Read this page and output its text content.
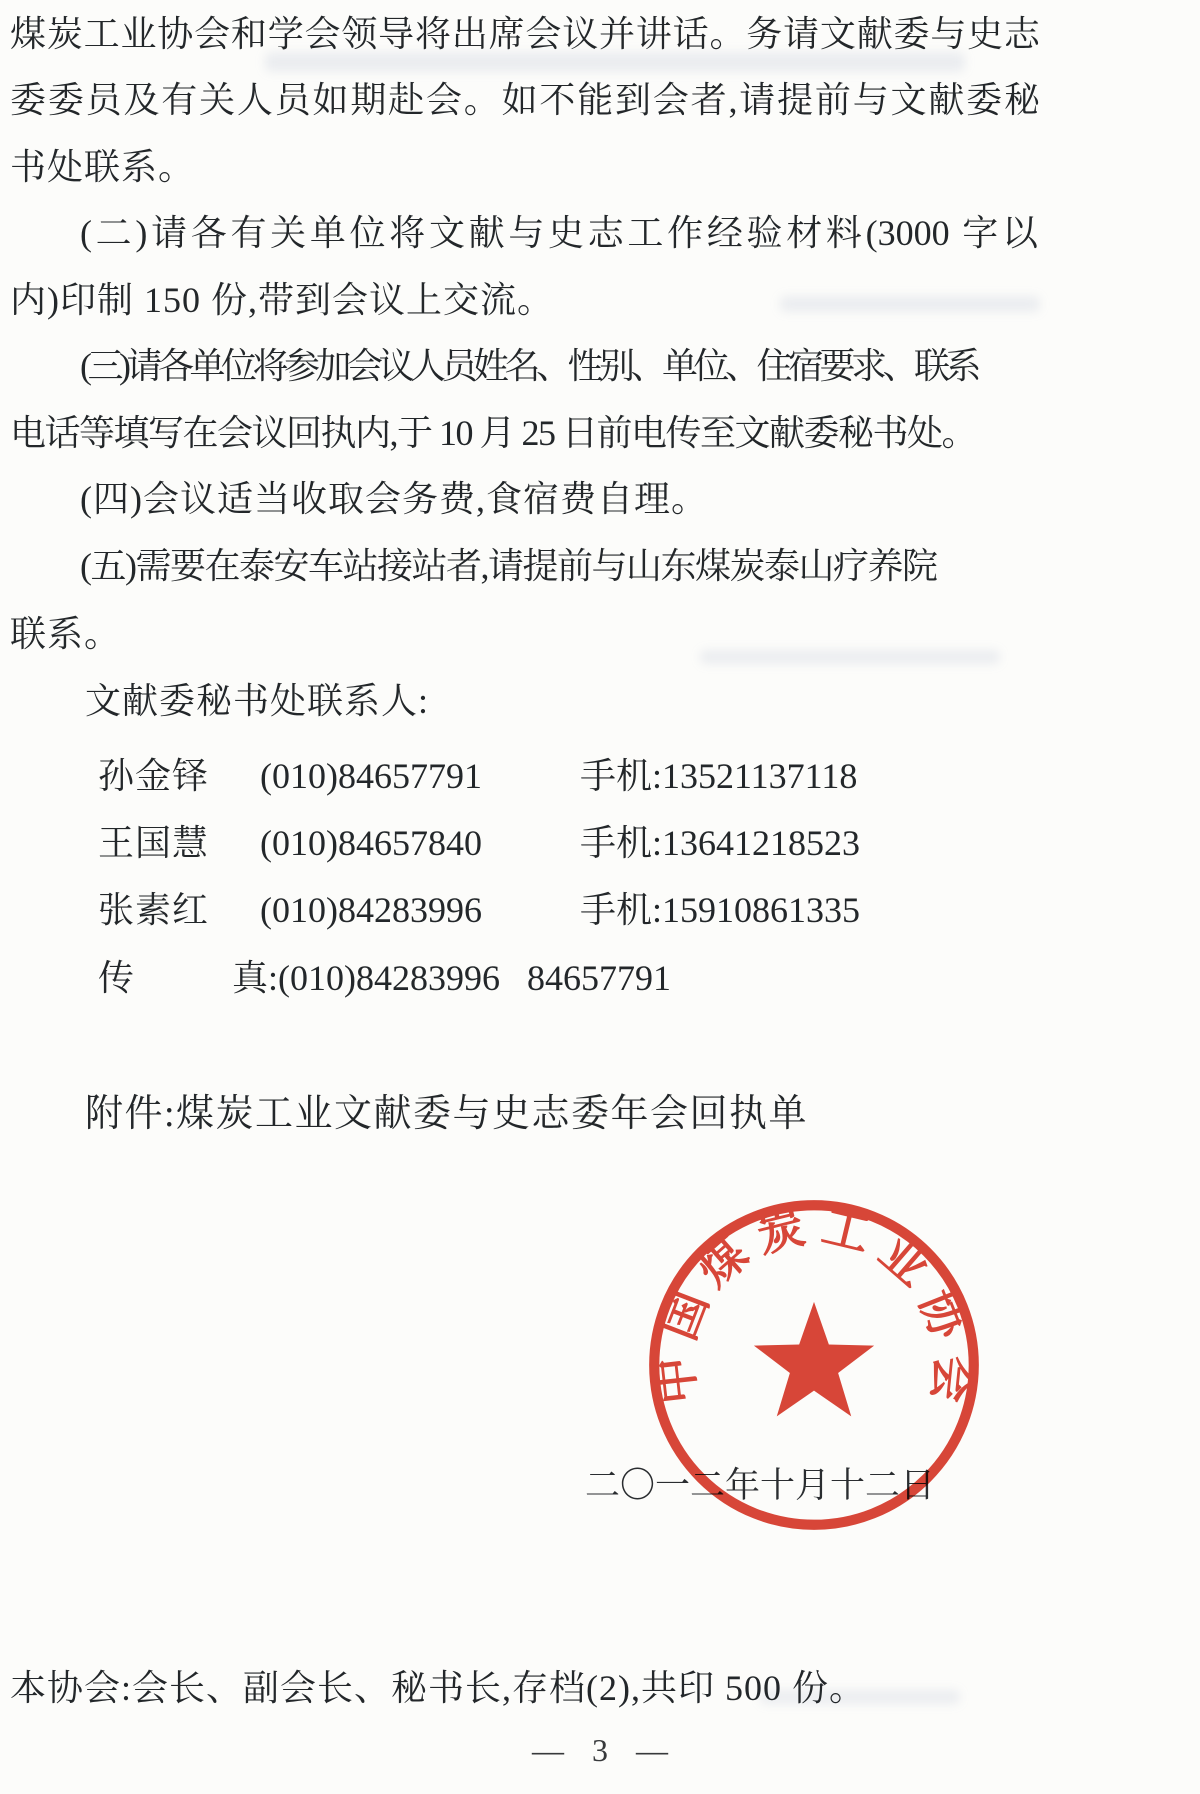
煤炭工业协会和学会领导将出席会议并讲话。务请文献委与史志
委委员及有关人员如期赴会。如不能到会者,请提前与文献委秘
书处联系。
(二)请各有关单位将文献与史志工作经验材料(3000 字以
内)印制 150 份,带到会议上交流。
(三)请各单位将参加会议人员姓名、性别、单位、住宿要求、联系
电话等填写在会议回执内,于 10 月 25 日前电传至文献委秘书处。
(四)会议适当收取会务费,食宿费自理。
(五)需要在泰安车站接站者,请提前与山东煤炭泰山疗养院
联系。
文献委秘书处联系人:
孙金铎 (010)84657791	手机:13521137118
王国慧 (010)84657840	手机:13641218523
张素红 (010)84283996	手机:15910861335
传真:(010)84283996   84657791
附件:煤炭工业文献委与史志委年会回执单
二〇一二年十月十二日
中国煤炭工业协会
本协会:会长、副会长、秘书长,存档(2),共印 500 份。
— 3 —
